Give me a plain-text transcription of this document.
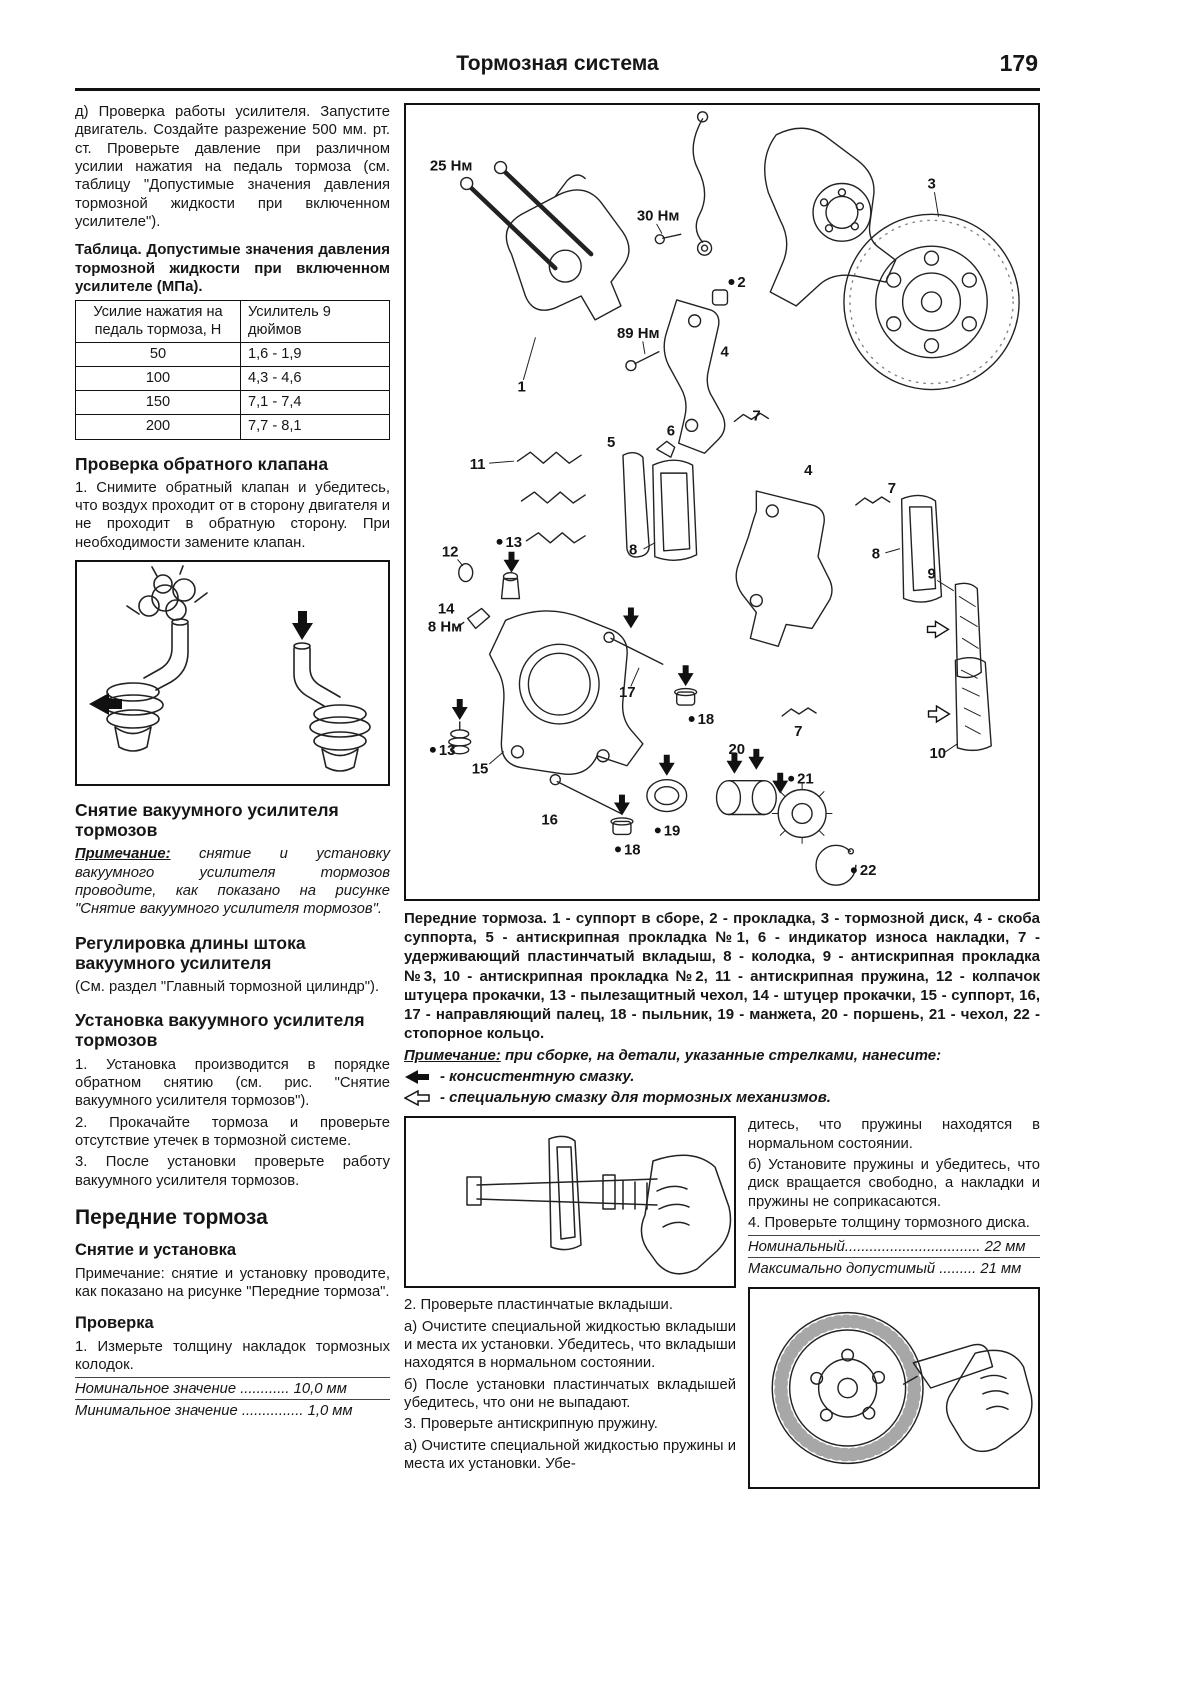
Тормозная система	179

д) Проверка работы усилителя. Запустите двигатель. Создайте разрежение 500 мм. рт. ст. Проверьте давление при различном усилии нажатия на педаль тормоза (см. таблицу "Допустимые значения давления тормозной жидкости при включенном усилителе").

Таблица. Допустимые значения давления тормозной жидкости при включенном усилителе (МПа).

Усилие нажатия на педаль тормоза, Н	Усилитель 9 дюймов
50	1,6 - 1,9
100	4,3 - 4,6
150	7,1 - 7,4
200	7,7 - 8,1
Проверка обратного клапана

1. Снимите обратный клапан и убедитесь, что воздух проходит от в сторону двигателя и не проходит в обратную сторону. При необходимости замените клапан.

Снятие вакуумного усилителя тормозов

Примечание: снятие и установку вакуумного усилителя тормозов проводите, как показано на рисунке "Снятие вакуумного усилителя тормозов".

Регулировка длины штока вакуумного усилителя

(См. раздел "Главный тормозной цилиндр").

Установка вакуумного усилителя тормозов

1. Установка производится в порядке обратном снятию (см. рис. "Снятие вакуумного усилителя тормозов").

2. Прокачайте тормоза и проверьте отсутствие утечек в тормозной системе.

3. После установки проверьте работу вакуумного усилителя тормозов.

Передние тормоза
Снятие и установка

Примечание: снятие и установку проводите, как показано на рисунке "Передние тормоза".

Проверка

1. Измерьте толщину накладок тормозных колодок.

Номинальное значение ............ 10,0 мм

Минимальное значение ............... 1,0 мм

25 Нм
30 Нм
89 Нм
8 Нм
1
2
3
4
4
5
6
7
7
7
8	8
9
10
11
12
13
13
14
15
16
17
18
18
19
20
21
22

Передние тормоза. 1 - суппорт в сборе, 2 - прокладка, 3 - тормозной диск, 4 - скоба суппорта, 5 - антискрипная прокладка №1, 6 - индикатор износа накладки, 7 - удерживающий пластинчатый вкладыш, 8 - колодка, 9 - антискрипная прокладка №3, 10 - антискрипная прокладка №2, 11 - антискрипная пружина, 12 - колпачок штуцера прокачки, 13 - пылезащитный чехол, 14 - штуцер прокачки, 15 - суппорт, 16, 17 - направляющий палец, 18 - пыльник, 19 - манжета, 20 - поршень, 21 - чехол, 22 - стопорное кольцо.

Примечание: при сборке, на детали, указанные стрелками, нанесите:

- консистентную смазку.
- специальную смазку для тормозных механизмов.

2. Проверьте пластинчатые вкладыши.

а) Очистите специальной жидкостью вкладыши и места их установки. Убедитесь, что вкладыши находятся в нормальном состоянии.

б) После установки пластинчатых вкладышей убедитесь, что они не выпадают.

3. Проверьте антискрипную пружину.

а) Очистите специальной жидкостью пружины и места их установки. Убе-

дитесь, что пружины находятся в нормальном состоянии.

б) Установите пружины и убедитесь, что диск вращается свободно, а накладки и пружины не соприкасаются.

4. Проверьте толщину тормозного диска.

Номинальный................................. 22 мм

Максимально допустимый ......... 21 мм
